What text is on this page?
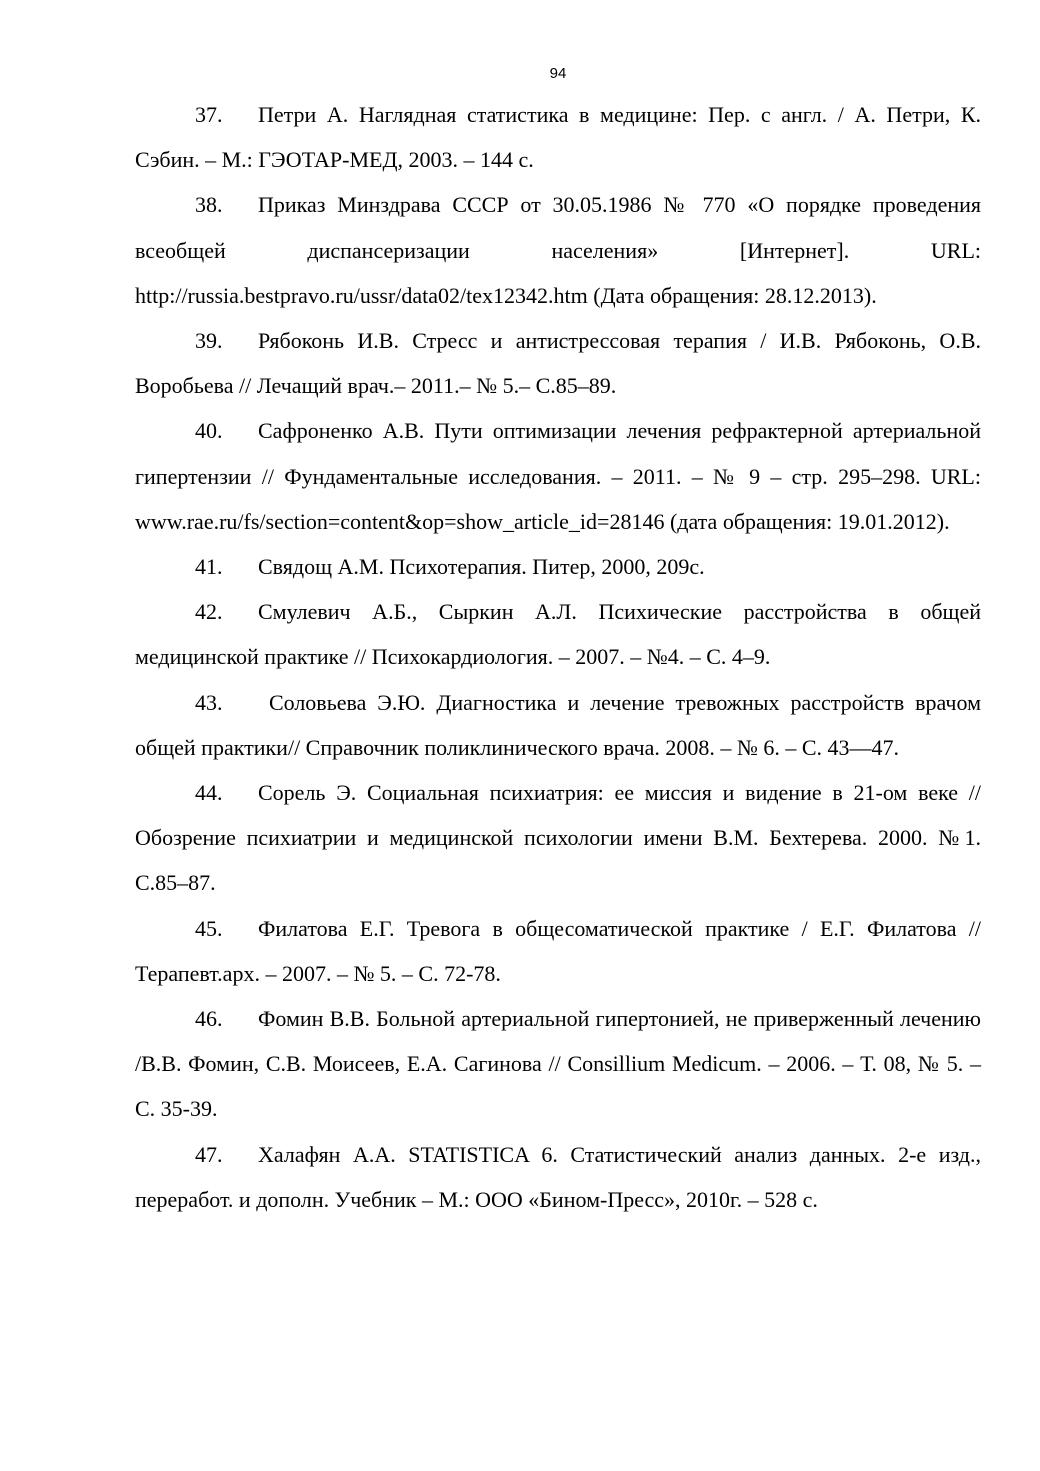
94
37. Петри А. Наглядная статистика в медицине: Пер. с англ. / А. Петри, К. Сэбин. – М.: ГЭОТАР-МЕД, 2003. – 144 с.
38. Приказ Минздрава СССР от 30.05.1986 № 770 «О порядке проведения всеобщей диспансеризации населения» [Интернет]. URL: http://russia.bestpravo.ru/ussr/data02/tex12342.htm (Дата обращения: 28.12.2013).
39. Рябоконь И.В. Стресс и антистрессовая терапия / И.В. Рябоконь, О.В. Воробьева // Лечащий врач.– 2011.– № 5.– С.85–89.
40. Сафроненко А.В. Пути оптимизации лечения рефрактерной артериальной гипертензии // Фундаментальные исследования. – 2011. – № 9 – стр. 295–298. URL: www.rae.ru/fs/section=content&op=show_article_id=28146 (дата обращения: 19.01.2012).
41. Свядощ А.М. Психотерапия. Питер, 2000, 209с.
42. Смулевич А.Б., Сыркин А.Л. Психические расстройства в общей медицинской практике // Психокардиология. – 2007. – №4. – С. 4–9.
43. Соловьева Э.Ю. Диагностика и лечение тревожных расстройств врачом общей практики// Справочник поликлинического врача. 2008. – № 6. – С. 43—47.
44. Сорель Э. Социальная психиатрия: ее миссия и видение в 21-ом веке // Обозрение психиатрии и медицинской психологии имени В.М. Бехтерева. 2000. №1. С.85–87.
45. Филатова Е.Г. Тревога в общесоматической практике / Е.Г. Филатова // Терапевт.арх. – 2007. – № 5. – С. 72-78.
46. Фомин В.В. Больной артериальной гипертонией, не приверженный лечению /В.В. Фомин, С.В. Моисеев, Е.А. Сагинова // Consillium Medicum. – 2006. – Т. 08, № 5. – С. 35-39.
47. Халафян А.А. STATISTICA 6. Статистический анализ данных. 2-е изд., переработ. и дополн. Учебник – М.: ООО «Бином-Пресс», 2010г. – 528 с.
